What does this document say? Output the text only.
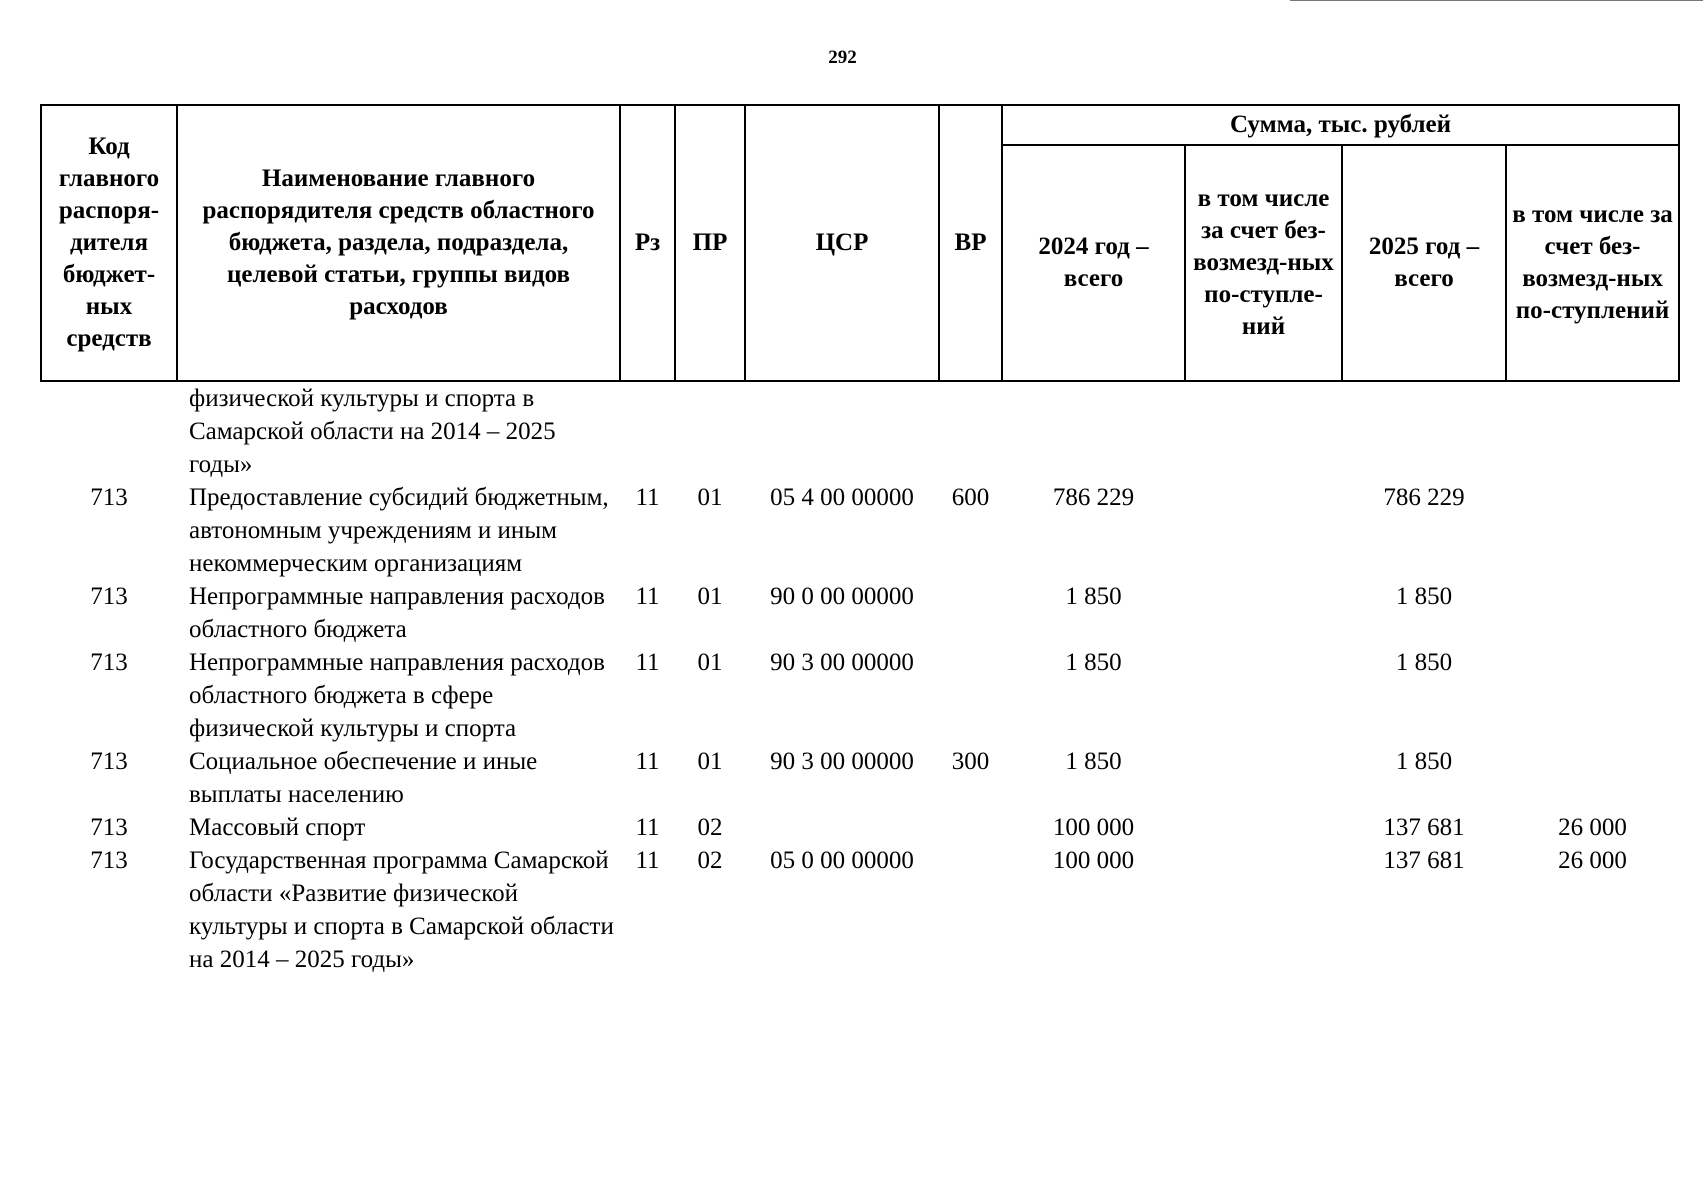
292
Код главного распоря-дителя бюджет-ных средств	Наименование главного распорядителя средств областного бюджета, раздела, подраздела, целевой статьи, группы видов расходов	Рз	ПР	ЦСР	ВР	Сумма, тыс. рублей			
						2024 год – всего	в том числе за счет без-возмезд-ных по-ступле-ний	2025 год – всего	в том числе за счет без-возмезд-ных по-ступлений
	физической культуры и спорта в Самарской области на 2014 – 2025 годы»								
713	Предоставление субсидий бюджетным, автономным учреждениям и иным некоммерческим организациям	11	01	05 4 00 00000	600	786 229		786 229	
713	Непрограммные направления расходов областного бюджета	11	01	90 0 00 00000		1 850		1 850	
713	Непрограммные направления расходов областного бюджета в сфере физической культуры и спорта	11	01	90 3 00 00000		1 850		1 850	
713	Социальное обеспечение и иные выплаты населению	11	01	90 3 00 00000	300	1 850		1 850	
713	Массовый спорт	11	02			100 000		137 681	26 000
713	Государственная программа Самарской области «Развитие физической культуры и спорта в Самарской области на 2014 – 2025 годы»	11	02	05 0 00 00000		100 000		137 681	26 000
